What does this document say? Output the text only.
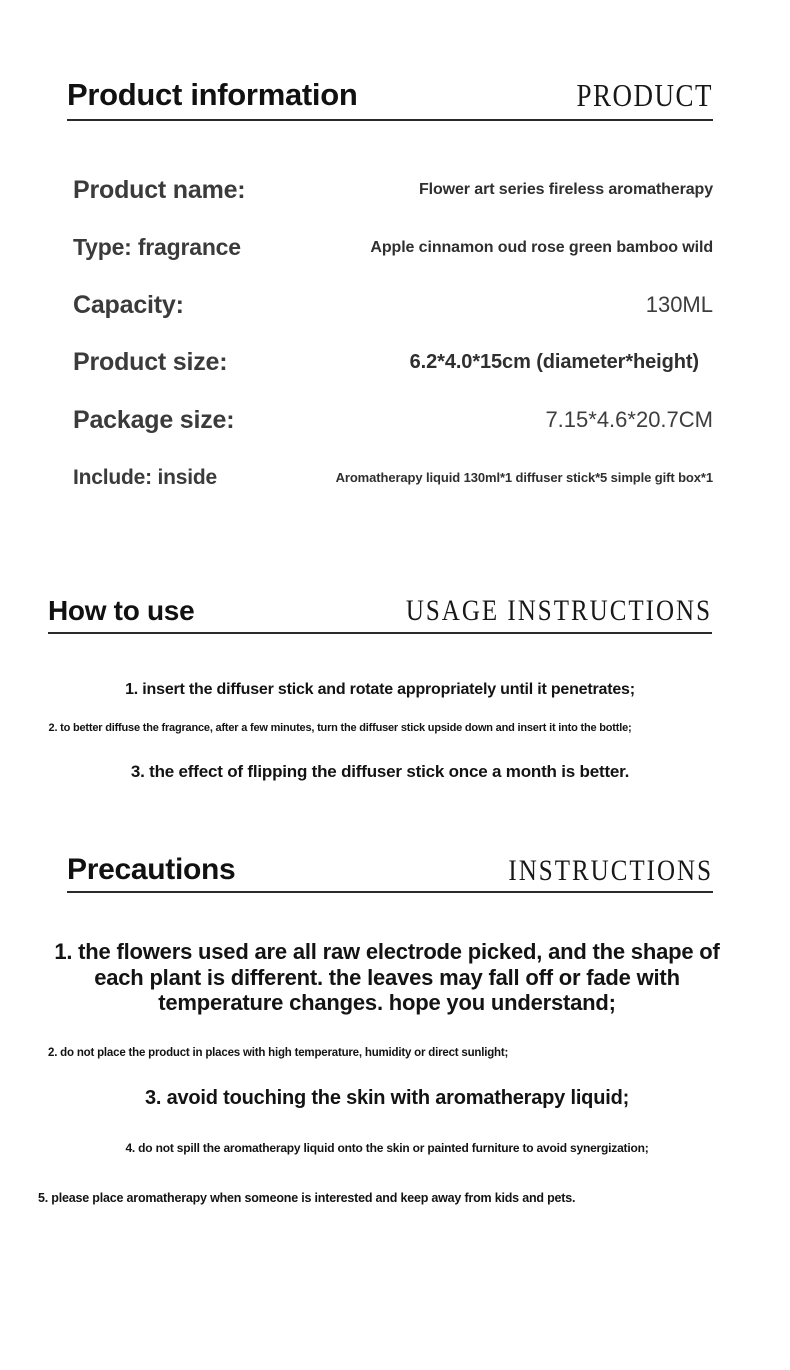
Product information	PRODUCT
Product name:	Flower art series fireless aromatherapy
Type: fragrance	Apple cinnamon oud rose green bamboo wild
Capacity:	130ML
Product size:	6.2*4.0*15cm (diameter*height)
Package size:	7.15*4.6*20.7CM
Include: inside	Aromatherapy liquid 130ml*1 diffuser stick*5 simple gift box*1
How to use	USAGE INSTRUCTIONS

1. insert the diffuser stick and rotate appropriately until it penetrates;

2. to better diffuse the fragrance, after a few minutes, turn the diffuser stick upside down and insert it into the bottle;

3. the effect of flipping the diffuser stick once a month is better.

Precautions	INSTRUCTIONS

1. the flowers used are all raw electrode picked, and the shape of each plant is different. the leaves may fall off or fade with temperature changes. hope you understand;

2. do not place the product in places with high temperature, humidity or direct sunlight;

3. avoid touching the skin with aromatherapy liquid;

4. do not spill the aromatherapy liquid onto the skin or painted furniture to avoid synergization;

5. please place aromatherapy when someone is interested and keep away from kids and pets.
